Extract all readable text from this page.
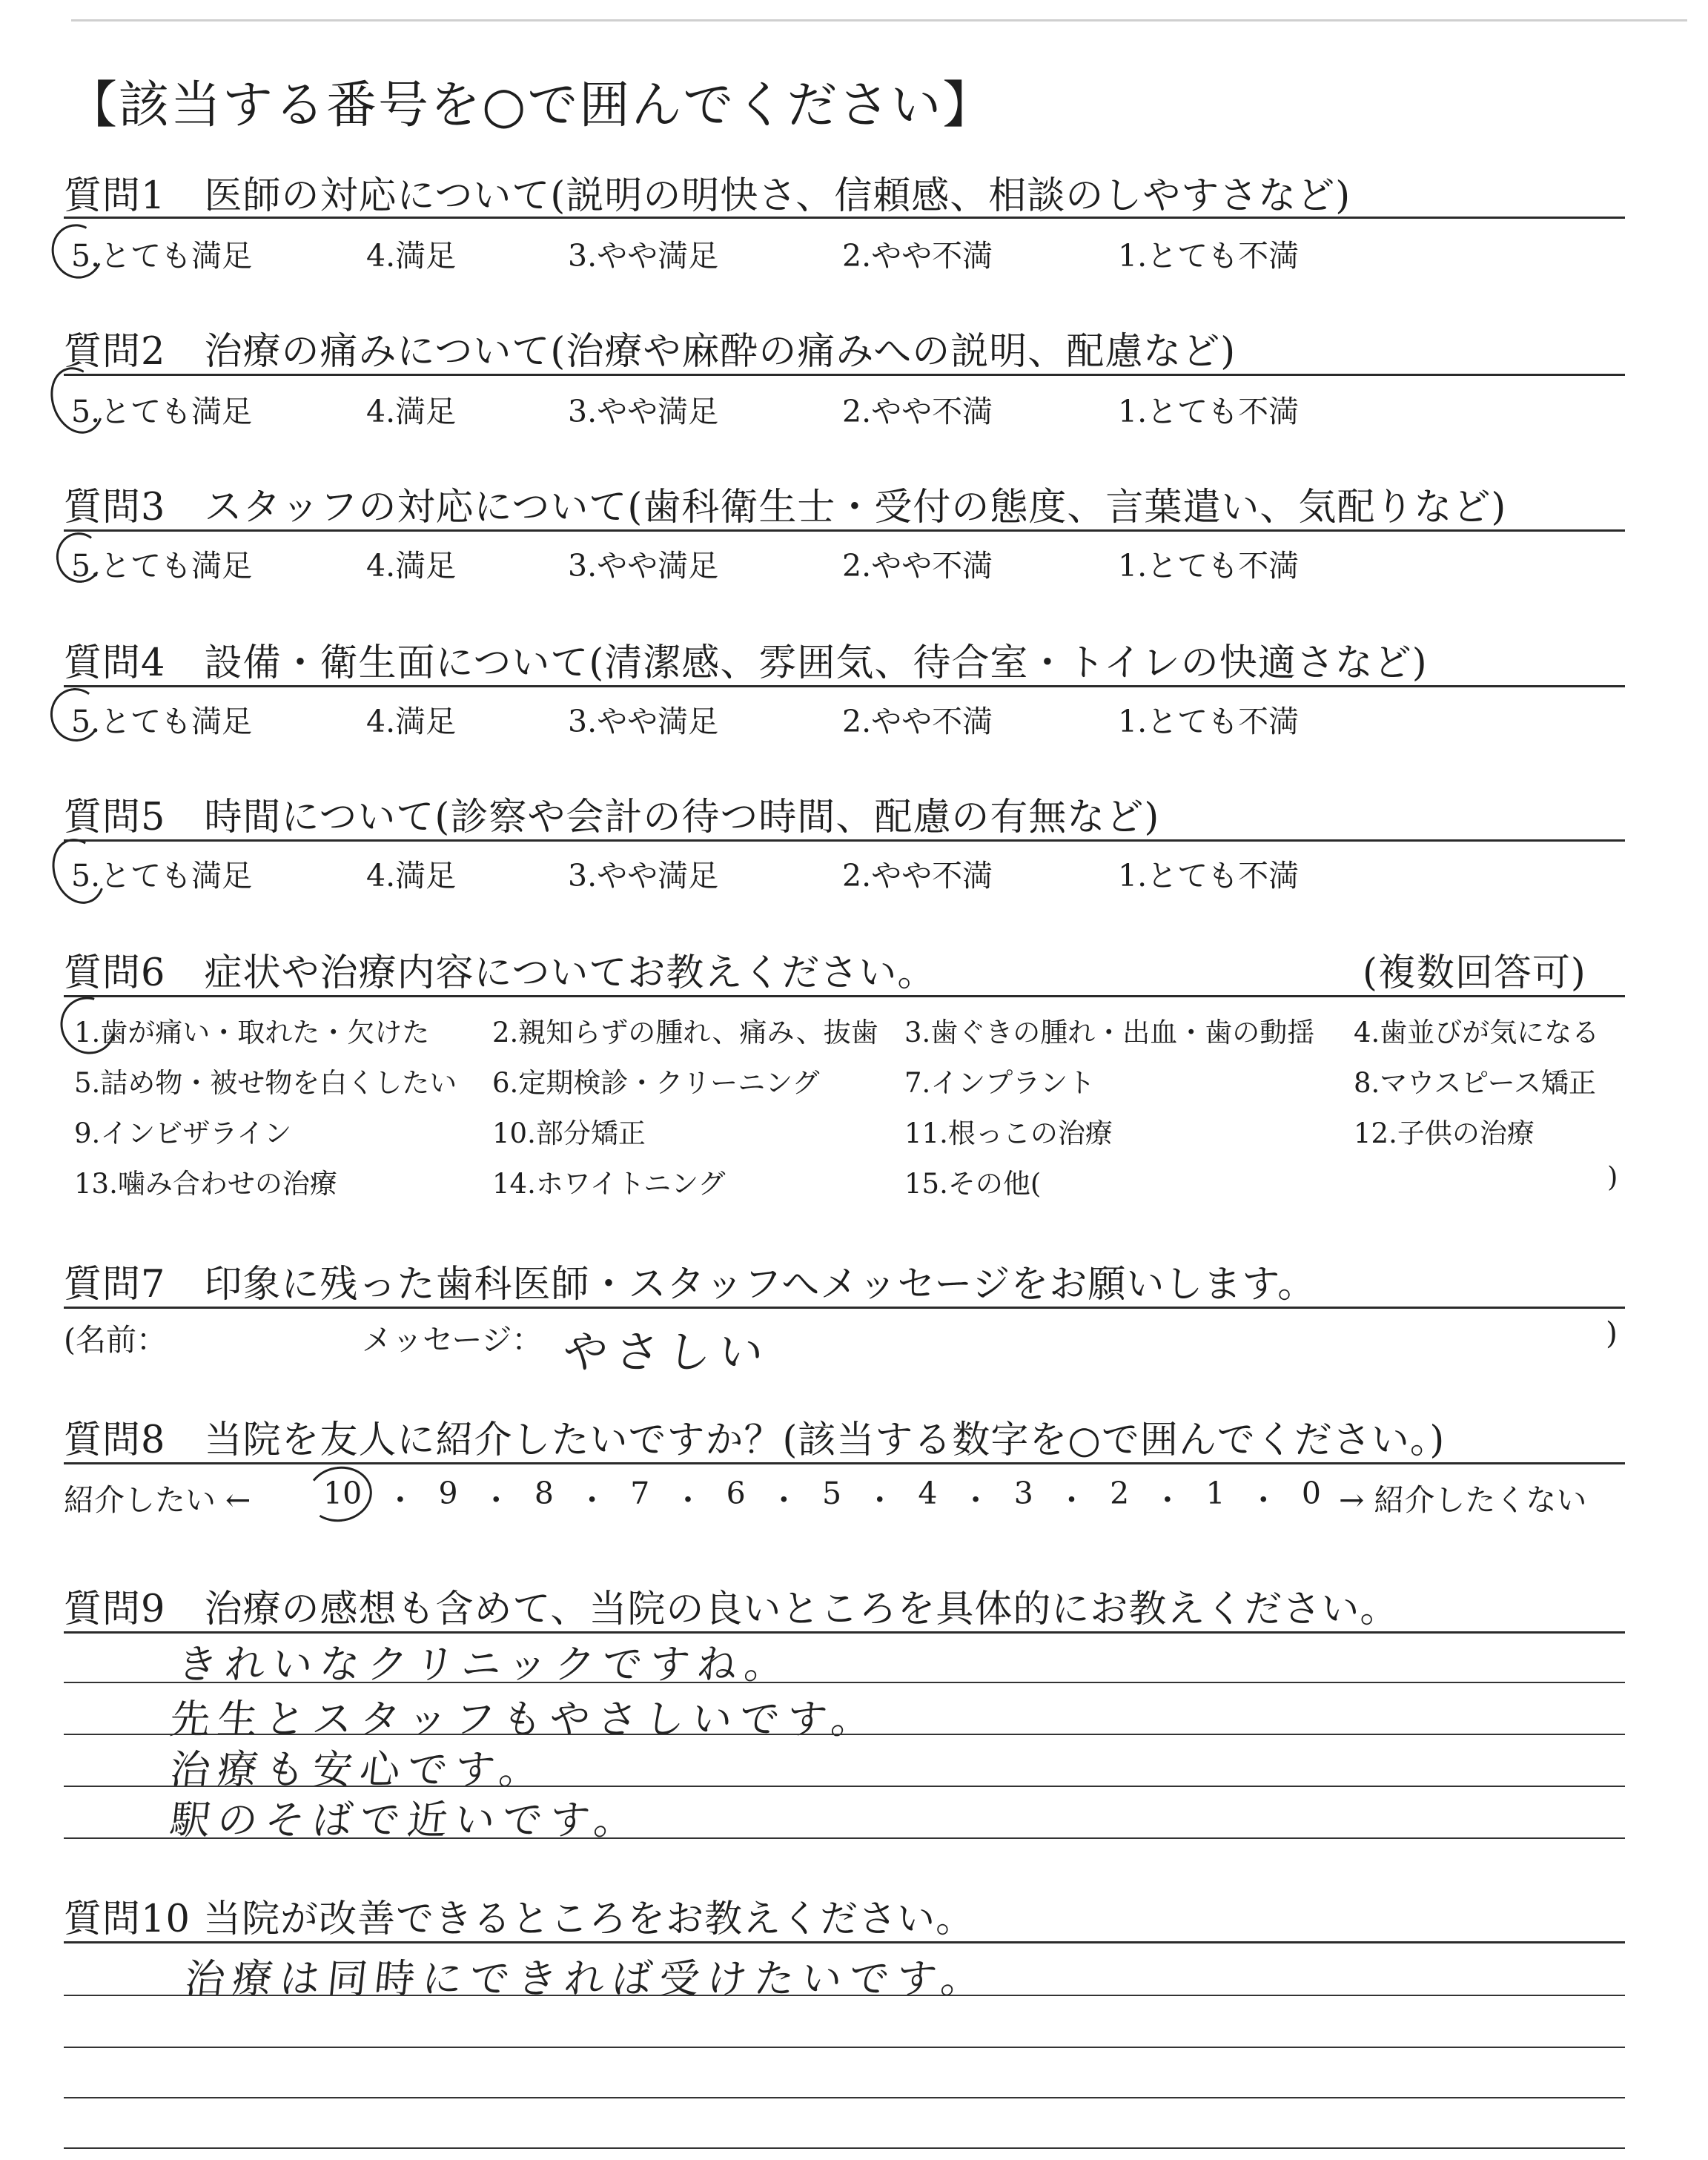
【該当する番号を○で囲んでください】
質問1　医師の対応について(説明の明快さ、信頼感、相談のしやすさなど)
5.とても満足	4.満足	3.やや満足	2.やや不満	1.とても不満
質問2　治療の痛みについて(治療や麻酔の痛みへの説明、配慮など)
5.とても満足	4.満足	3.やや満足	2.やや不満	1.とても不満
質問3　スタッフの対応について(歯科衛生士・受付の態度、言葉遣い、気配りなど)
5.とても満足	4.満足	3.やや満足	2.やや不満	1.とても不満
質問4　設備・衛生面について(清潔感、雰囲気、待合室・トイレの快適さなど)
5.とても満足	4.満足	3.やや満足	2.やや不満	1.とても不満
質問5　時間について(診察や会計の待つ時間、配慮の有無など)
5.とても満足	4.満足	3.やや満足	2.やや不満	1.とても不満
質問6　症状や治療内容についてお教えください。	(複数回答可)
1.歯が痛い・取れた・欠けた 2.親知らずの腫れ、痛み、抜歯 3.歯ぐきの腫れ・出血・歯の動揺 4.歯並びが気になる
5.詰め物・被せ物を白くしたい 6.定期検診・クリーニング	7.インプラント	8.マウスピース矯正
9.インビザライン	10.部分矯正	11.根っこの治療	12.子供の治療
13.噛み合わせの治療	14.ホワイトニング	15.その他(	)
質問7　印象に残った歯科医師・スタッフへメッセージをお願いします。
(名前：	メッセージ： やさしい	)
質問8　当院を友人に紹介したいですか？(該当する数字を○で囲んでください。)
紹介したい ←	→ 紹介したくない
10 ・ 9 ・ 8 ・ 7 ・ 6 ・ 5 ・ 4 ・ 3 ・ 2 ・ 1 ・ 0
質問9　治療の感想も含めて、当院の良いところを具体的にお教えください。
きれいなクリニックですね。
先生とスタッフもやさしいです。
治療も安心です。
駅のそばで近いです。
質問10 当院が改善できるところをお教えください。
治療は同時にできれば受けたいです。
